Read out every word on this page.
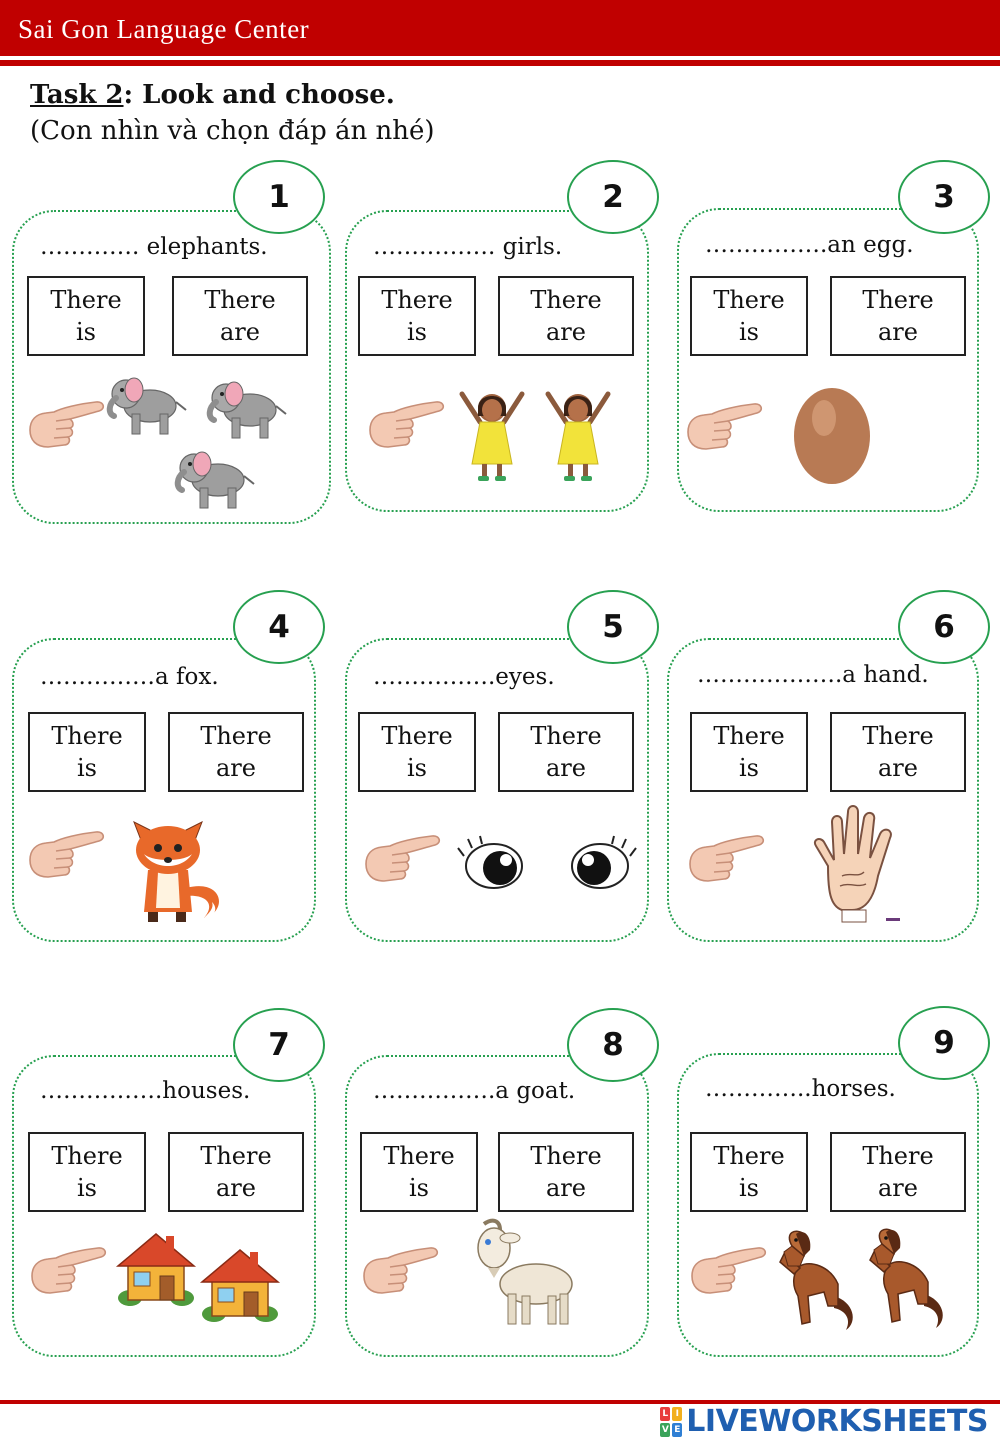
Sai Gon Language Center
Task 2: Look and choose.
(Con nhìn và chọn đáp án nhé)
1
…………. elephants.
There
is
There
are
2
……………. girls.
There
is
There
are
3
…………….an egg.
There
is
There
are
4
……………a fox.
There
is
There
are
5
…………….eyes.
There
is
There
are
6
……………….a hand.
There
is
There
are
7
…………….houses.
There
is
There
are
8
…………….a goat.
There
is
There
are
9
…………..horses.
There
is
There
are
L I
V E LIVEWORKSHEETS
